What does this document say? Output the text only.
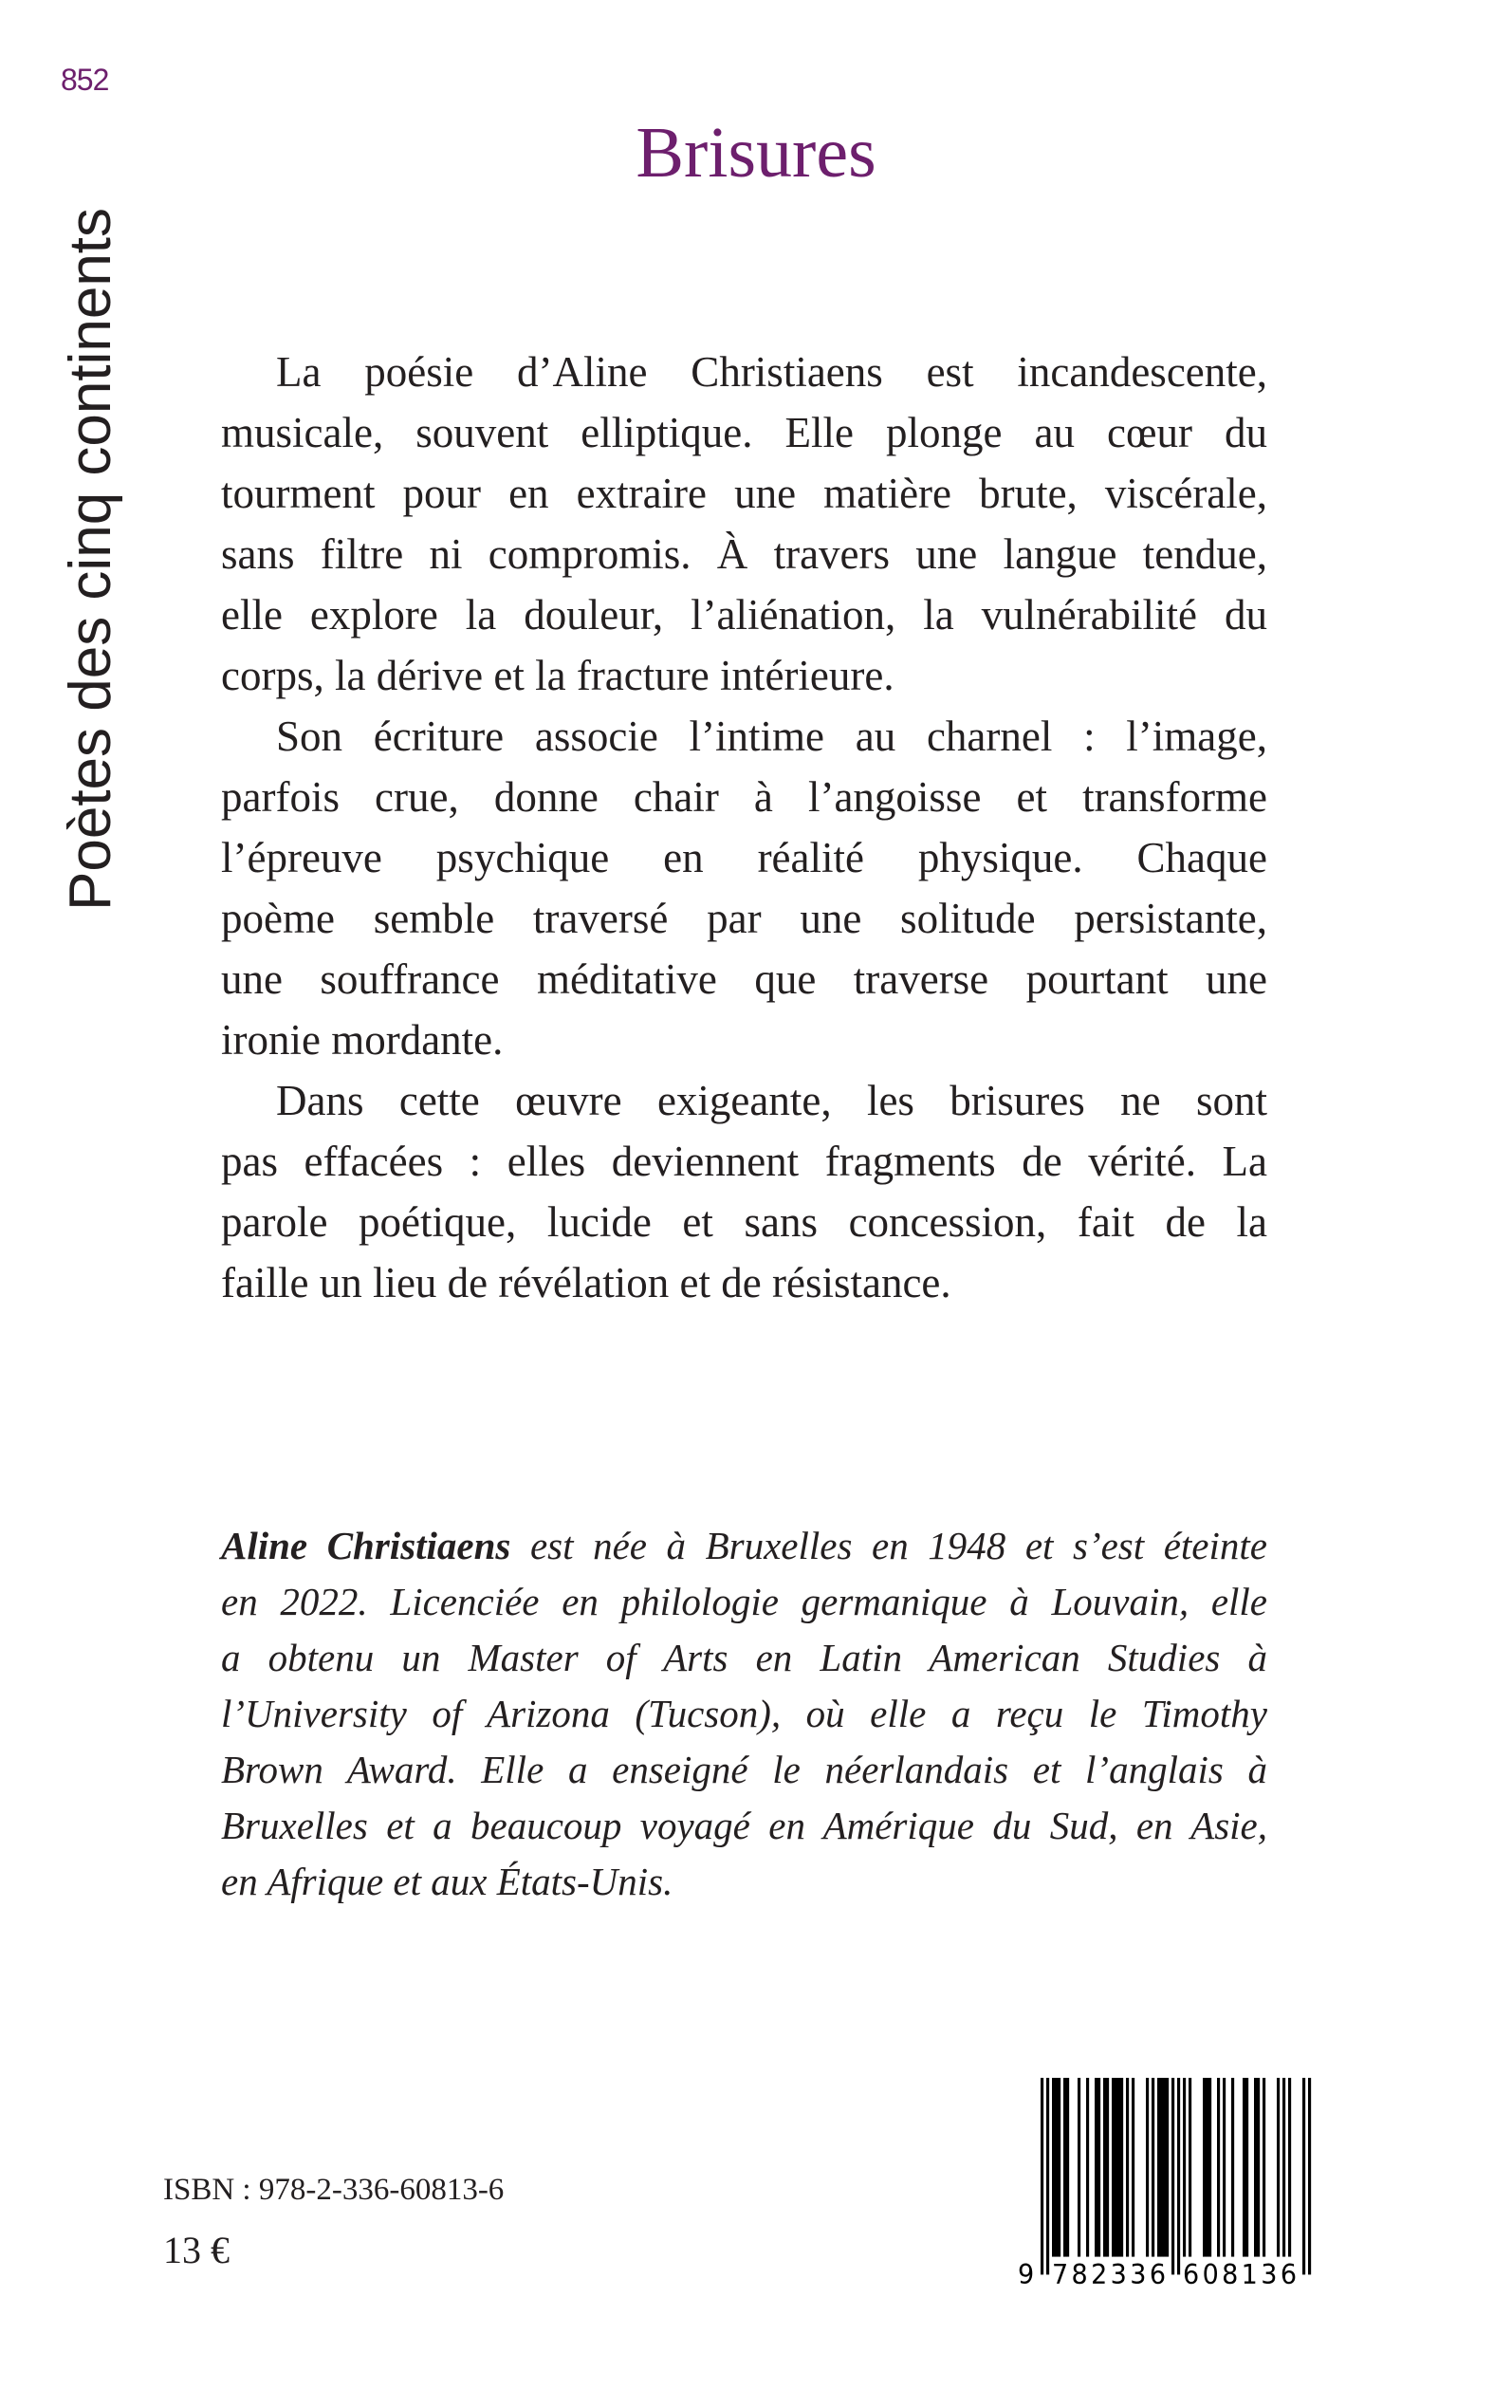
852
Poètes des cinq continents
Brisures
La poésie d’Aline Christiaens est incandescente,
musicale, souvent elliptique. Elle plonge au cœur du
tourment pour en extraire une matière brute, viscérale,
sans filtre ni compromis. À travers une langue tendue,
elle explore la douleur, l’aliénation, la vulnérabilité du
corps, la dérive et la fracture intérieure.
Son écriture associe l’intime au charnel : l’image,
parfois crue, donne chair à l’angoisse et transforme
l’épreuve psychique en réalité physique. Chaque
poème semble traversé par une solitude persistante,
une souffrance méditative que traverse pourtant une
ironie mordante.
Dans cette œuvre exigeante, les brisures ne sont
pas effacées : elles deviennent fragments de vérité. La
parole poétique, lucide et sans concession, fait de la
faille un lieu de révélation et de résistance.
Aline Christiaens est née à Bruxelles en 1948 et s’est éteinte
en 2022. Licenciée en philologie germanique à Louvain, elle
a obtenu un Master of Arts en Latin American Studies à
l’University of Arizona (Tucson), où elle a reçu le Timothy
Brown Award. Elle a enseigné le néerlandais et l’anglais à
Bruxelles et a beaucoup voyagé en Amérique du Sud, en Asie,
en Afrique et aux États-Unis.
ISBN : 978-2-336-60813-6
13 €
9 782336 608136
